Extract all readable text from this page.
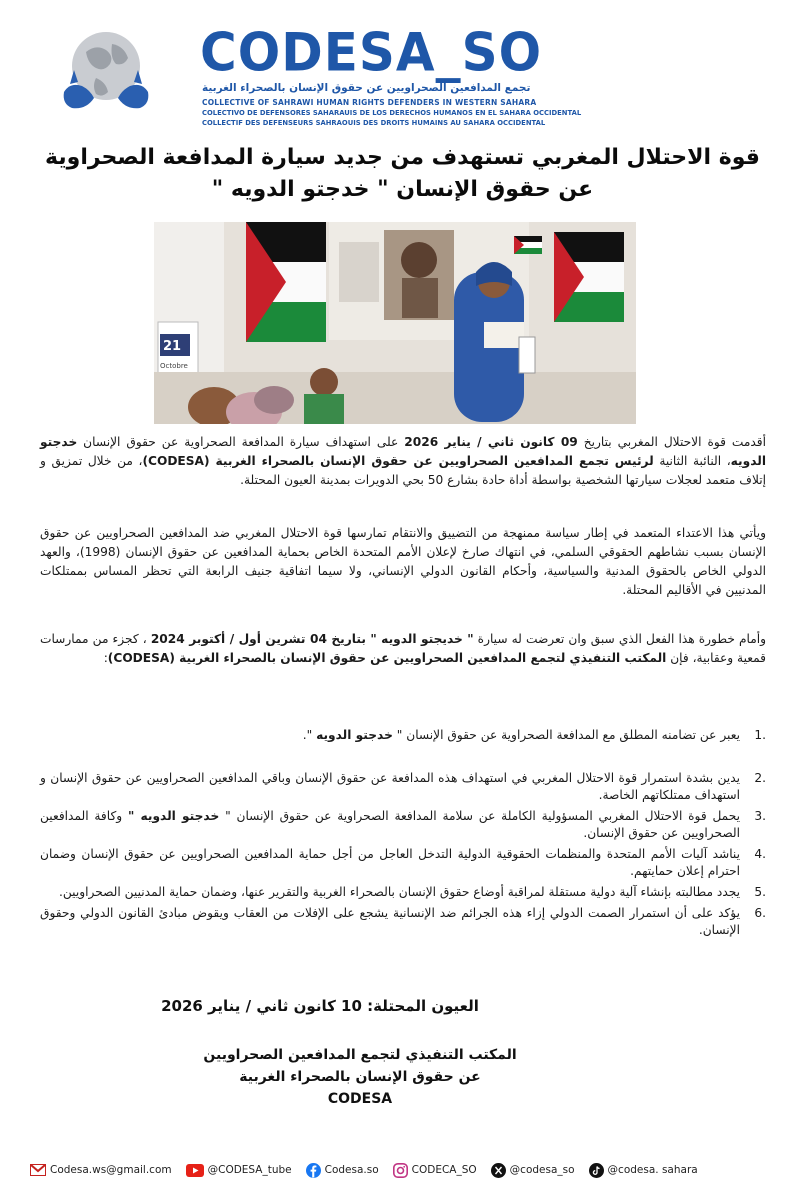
CODESA_SO
تجمع المدافعين الصحراويين عن حقوق الإنسان بالصحراء الغربية
COLLECTIVE OF SAHRAWI HUMAN RIGHTS DEFENDERS IN WESTERN SAHARA
COLECTIVO DE DEFENSORES SAHARAUIS DE LOS DERECHOS HUMANOS EN EL SAHARA OCCIDENTAL
COLLECTIF DES DEFENSEURS SAHRAOUIS DES DROITS HUMAINS AU SAHARA OCCIDENTAL
قوة الاحتلال المغربي تستهدف من جديد سيارة المدافعة الصحراوية
عن حقوق الإنسان " خدجتو الدويه "
21
Octobre
أقدمت قوة الاحتلال المغربي بتاريخ 09 كانون ثاني / يناير 2026 على استهداف سيارة المدافعة الصحراوية عن حقوق الإنسان خدجتو الدويه، النائبة الثانية لرئيس تجمع المدافعين الصحراويين عن حقوق الإنسان بالصحراء الغربية (CODESA)، من خلال تمزيق و إتلاف متعمد لعجلات سيارتها الشخصية بواسطة أداة حادة بشارع 50 بحي الدويرات بمدينة العيون المحتلة.
ويأتي هذا الاعتداء المتعمد في إطار سياسة ممنهجة من التضييق والانتقام تمارسها قوة الاحتلال المغربي ضد المدافعين الصحراويين عن حقوق الإنسان بسبب نشاطهم الحقوقي السلمي، في انتهاك صارخ لإعلان الأمم المتحدة الخاص بحماية المدافعين عن حقوق الإنسان (1998)، والعهد الدولي الخاص بالحقوق المدنية والسياسية، وأحكام القانون الدولي الإنساني، ولا سيما اتفاقية جنيف الرابعة التي تحظر المساس بممتلكات المدنيين في الأقاليم المحتلة.
وأمام خطورة هذا الفعل الذي سبق وان تعرضت له سيارة " خديجتو الدويه " بتاريخ 04 تشرين أول / أكتوبر 2024 ، كجزء من ممارسات قمعية وعقابية، فإن المكتب التنفيذي لتجمع المدافعين الصحراويين عن حقوق الإنسان بالصحراء الغربية (CODESA):
1.
يعبر عن تضامنه المطلق مع المدافعة الصحراوية عن حقوق الإنسان " خدجتو الدويه ".
2.
يدين بشدة استمرار قوة الاحتلال المغربي في استهداف هذه المدافعة عن حقوق الإنسان وباقي المدافعين الصحراويين عن حقوق الإنسان و استهداف ممتلكاتهم الخاصة.
3.
يحمل قوة الاحتلال المغربي المسؤولية الكاملة عن سلامة المدافعة الصحراوية عن حقوق الإنسان " خدجتو الدويه " وكافة المدافعين الصحراويين عن حقوق الإنسان.
4.
يناشد آليات الأمم المتحدة والمنظمات الحقوقية الدولية التدخل العاجل من أجل حماية المدافعين الصحراويين عن حقوق الإنسان وضمان احترام إعلان حمايتهم.
5.
يجدد مطالبته بإنشاء آلية دولية مستقلة لمراقبة أوضاع حقوق الإنسان بالصحراء الغربية والتقرير عنها، وضمان حماية المدنيين الصحراويين.
6.
يؤكد على أن استمرار الصمت الدولي إزاء هذه الجرائم ضد الإنسانية يشجع على الإفلات من العقاب ويقوض مبادئ القانون الدولي وحقوق الإنسان.
العيون المحتلة: 10 كانون ثاني / يناير 2026
المكتب التنفيذي لتجمع المدافعين الصحراويين
عن حقوق الإنسان بالصحراء الغربية
CODESA
Codesa.ws@gmail.com	@CODESA_tube	Codesa.so	CODECA_SO	@codesa_so	@codesa. sahara
